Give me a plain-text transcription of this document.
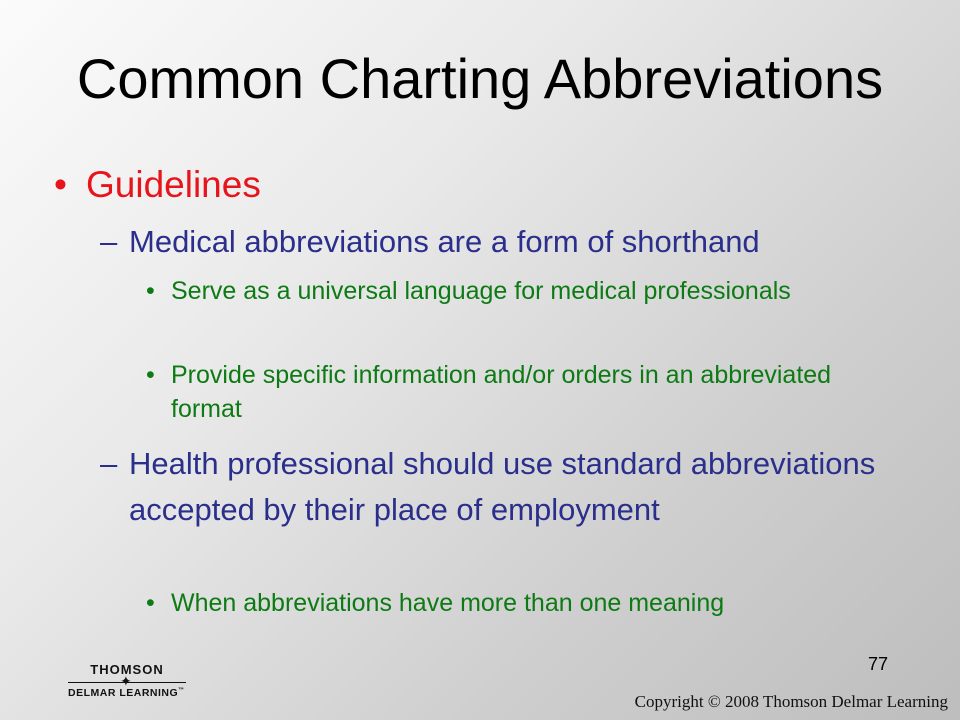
Common Charting Abbreviations
• Guidelines
– Medical abbreviations are a form of shorthand
• Serve as a universal language for medical professionals
• Provide specific information and/or orders in an abbreviated format
– Health professional should use standard abbreviations accepted by their place of employment
• When abbreviations have more than one meaning
77
THOMSON
✦
DELMAR LEARNING™
Copyright © 2008 Thomson Delmar Learning
